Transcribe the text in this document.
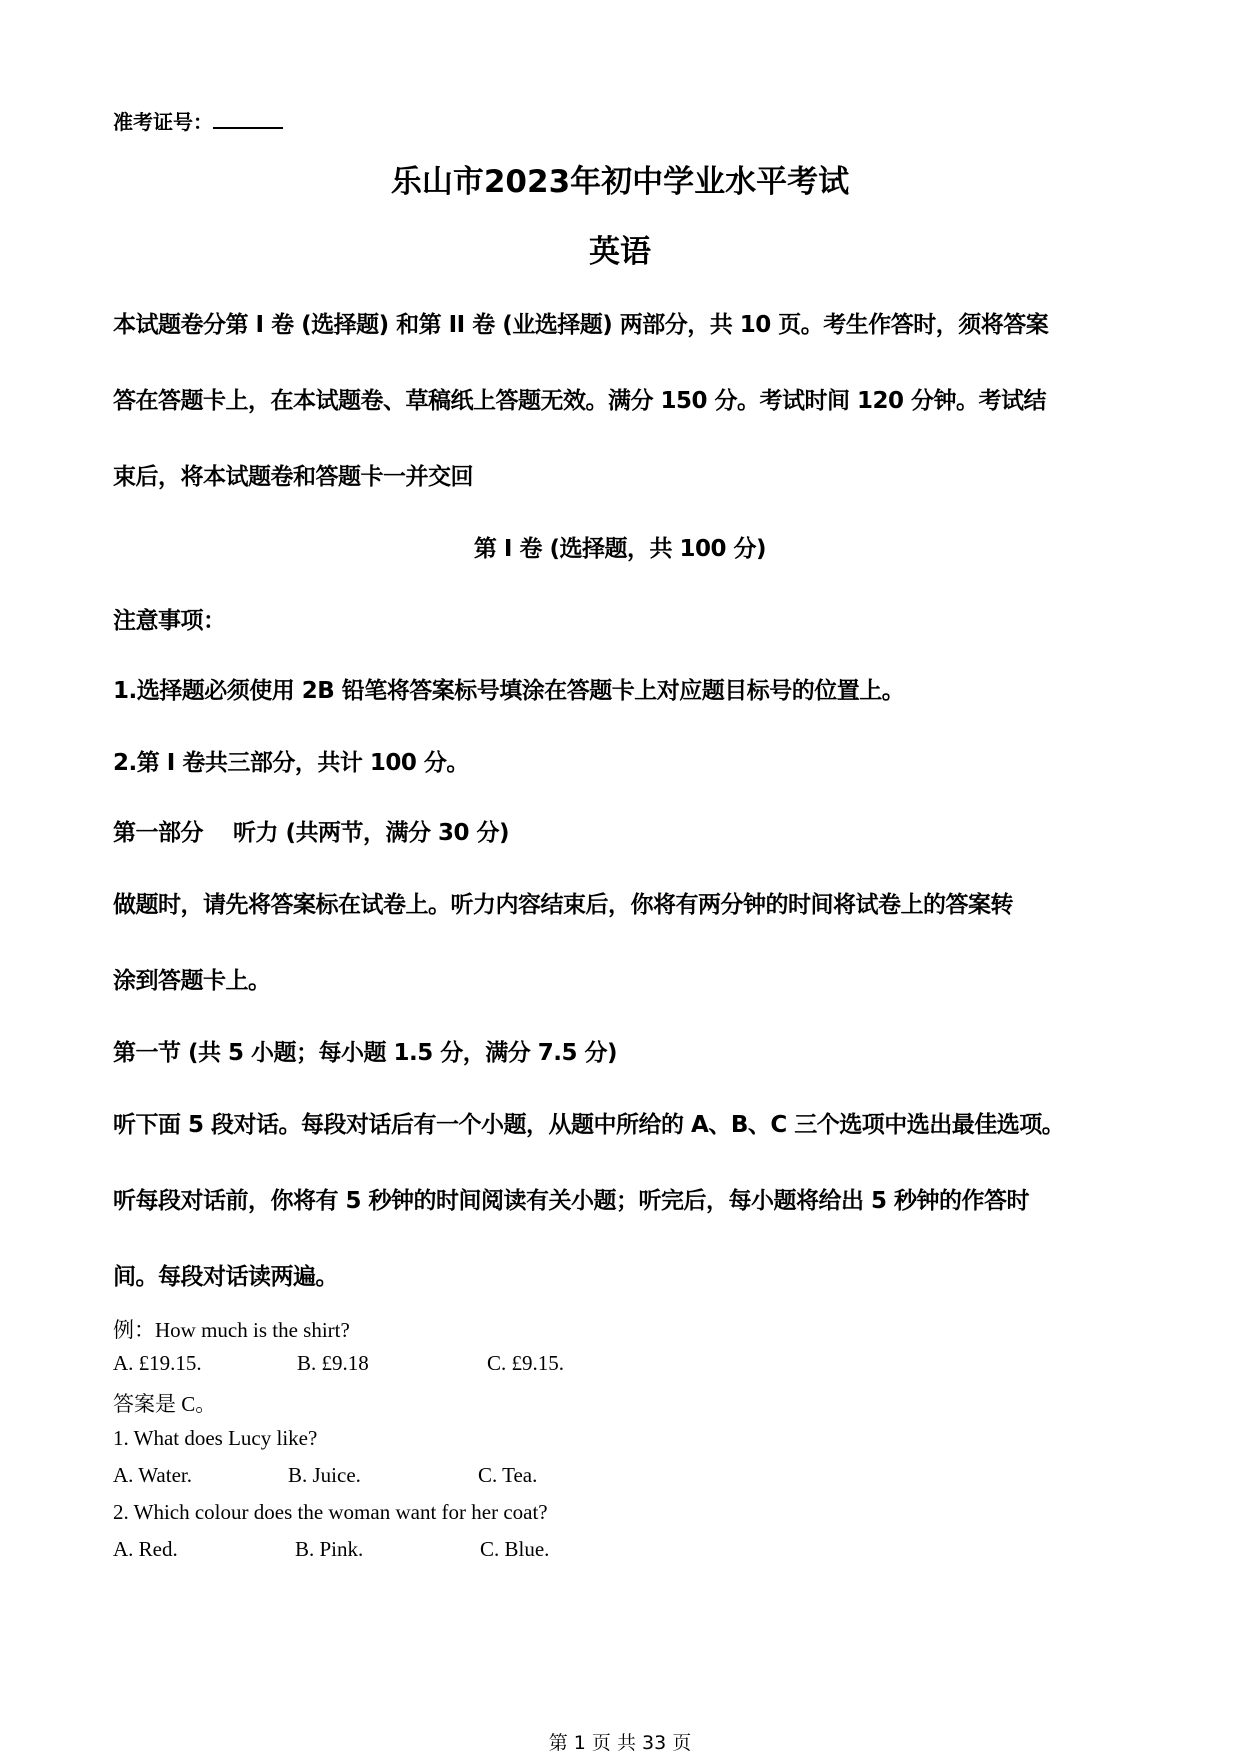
准考证号：
乐山市2023年初中学业水平考试
英语
本试题卷分第 I 卷 (选择题) 和第 II 卷 (业选择题) 两部分，共 10 页。考生作答时，须将答案
答在答题卡上，在本试题卷、草稿纸上答题无效。满分 150 分。考试时间 120 分钟。考试结
束后，将本试题卷和答题卡一并交回
第 I 卷 (选择题，共 100 分)
注意事项：
1.选择题必须使用 2B 铅笔将答案标号填涂在答题卡上对应题目标号的位置上。
2.第 I 卷共三部分，共计 100 分。
第一部分　 听力 (共两节，满分 30 分)
做题时，请先将答案标在试卷上。听力内容结束后，你将有两分钟的时间将试卷上的答案转
涂到答题卡上。
第一节 (共 5 小题；每小题 1.5 分，满分 7.5 分)
听下面 5 段对话。每段对话后有一个小题，从题中所给的 A、B、C 三个选项中选出最佳选项。
听每段对话前，你将有 5 秒钟的时间阅读有关小题；听完后，每小题将给出 5 秒钟的作答时
间。每段对话读两遍。
例：How much is the shirt?
A. £19.15.	B. £9.18	C. £9.15.
答案是 C。
1. What does Lucy like?
A. Water.	B. Juice.	C. Tea.
2. Which colour does the woman want for her coat?
A. Red.	B. Pink.	C. Blue.
第 1 页 共 33 页
